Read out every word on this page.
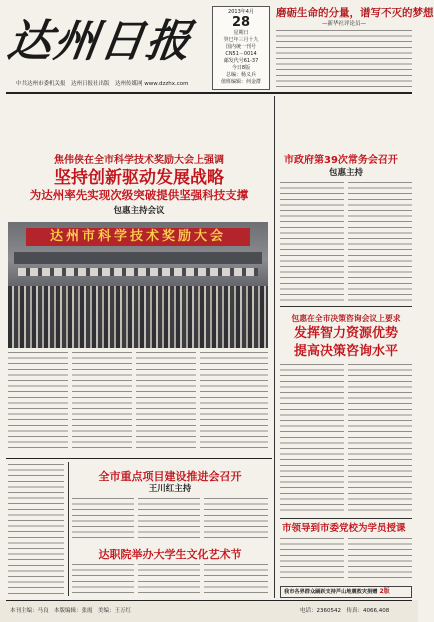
达州日报
2013年4月
28
星期日
癸巳年三月十九
国内统一刊号
CN51－0014
邮发代号61-37
今日8版
总编：杨义兵
值班编辑：何金群
磨砺生命的分量，谱写不灭的梦想
—新华社评论员—
中共达州市委机关报　达州日报社出版　达州传媒网 www.dzzhx.com
焦伟侠在全市科学技术奖励大会上强调
坚持创新驱动发展战略
为达州率先实现次级突破提供坚强科技支撑
包惠主持会议
达州市科学技术奖励大会
全市重点项目建设推进会召开
王川红主持
达职院举办大学生文化艺术节
市政府第39次常务会召开
包惠主持
包惠在全市决策咨询会议上要求
发挥智力资源优势
提高决策咨询水平
市领导到市委党校为学员授课
我市各界群众踊跃支持芦山地震救灾捐赠 2版
本刊主编：马良　本版编辑：张霞　美编：王万红	电话：2360542　传真：4066,408
